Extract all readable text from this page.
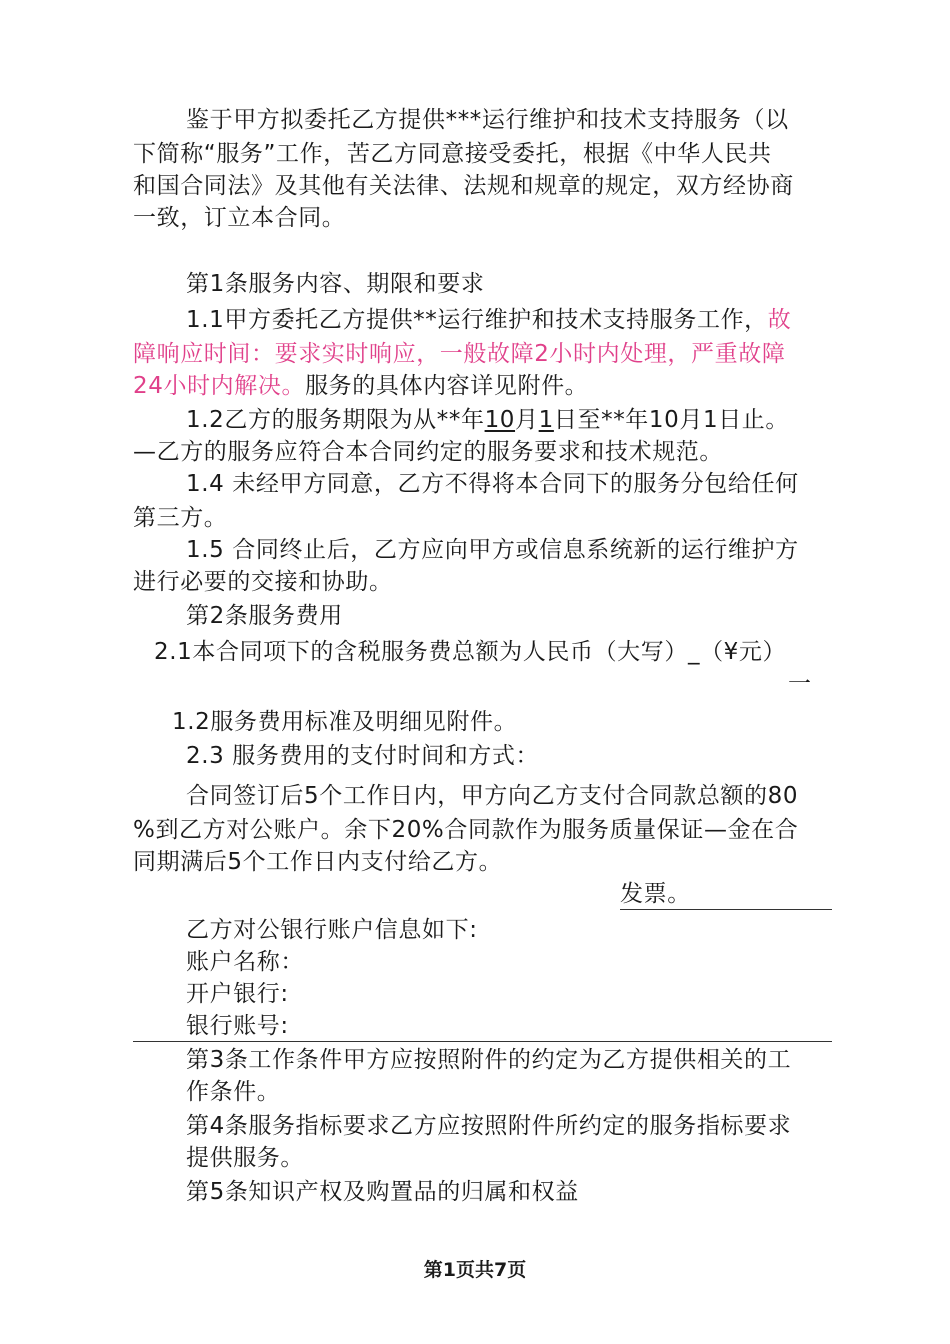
鉴于甲方拟委托乙方提供***运行维护和技术支持服务（以
下简称“服务”工作，苦乙方同意接受委托，根据《中华人民共
和国合同法》及其他有关法律、法规和规章的规定，双方经协商
一致，订立本合同。
第1条服务内容、期限和要求
1.1甲方委托乙方提供**运行维护和技术支持服务工作，故
障响应时间：要求实时响应，一般故障2小时内处理，严重故障
24小时内解决。服务的具体内容详见附件。
1.2乙方的服务期限为从**年10月1日至**年10月1日止。
—乙方的服务应符合本合同约定的服务要求和技术规范。
1.4 未经甲方同意，乙方不得将本合同下的服务分包给任何
第三方。
1.5 合同终止后，乙方应向甲方或信息系统新的运行维护方
进行必要的交接和协助。
第2条服务费用
2.1本合同项下的含税服务费总额为人民币（大写）_（¥元）
一
1.2服务费用标准及明细见附件。
2.3 服务费用的支付时间和方式：
合同签订后5个工作日内，甲方向乙方支付合同款总额的80
%到乙方对公账户。余下20%合同款作为服务质量保证—金在合
同期满后5个工作日内支付给乙方。
发票。
乙方对公银行账户信息如下:
账户名称：
开户银行:
银行账号:
第3条工作条件甲方应按照附件的约定为乙方提供相关的工
作条件。
第4条服务指标要求乙方应按照附件所约定的服务指标要求
提供服务。
第5条知识产权及购置品的归属和权益
第1页共7页
